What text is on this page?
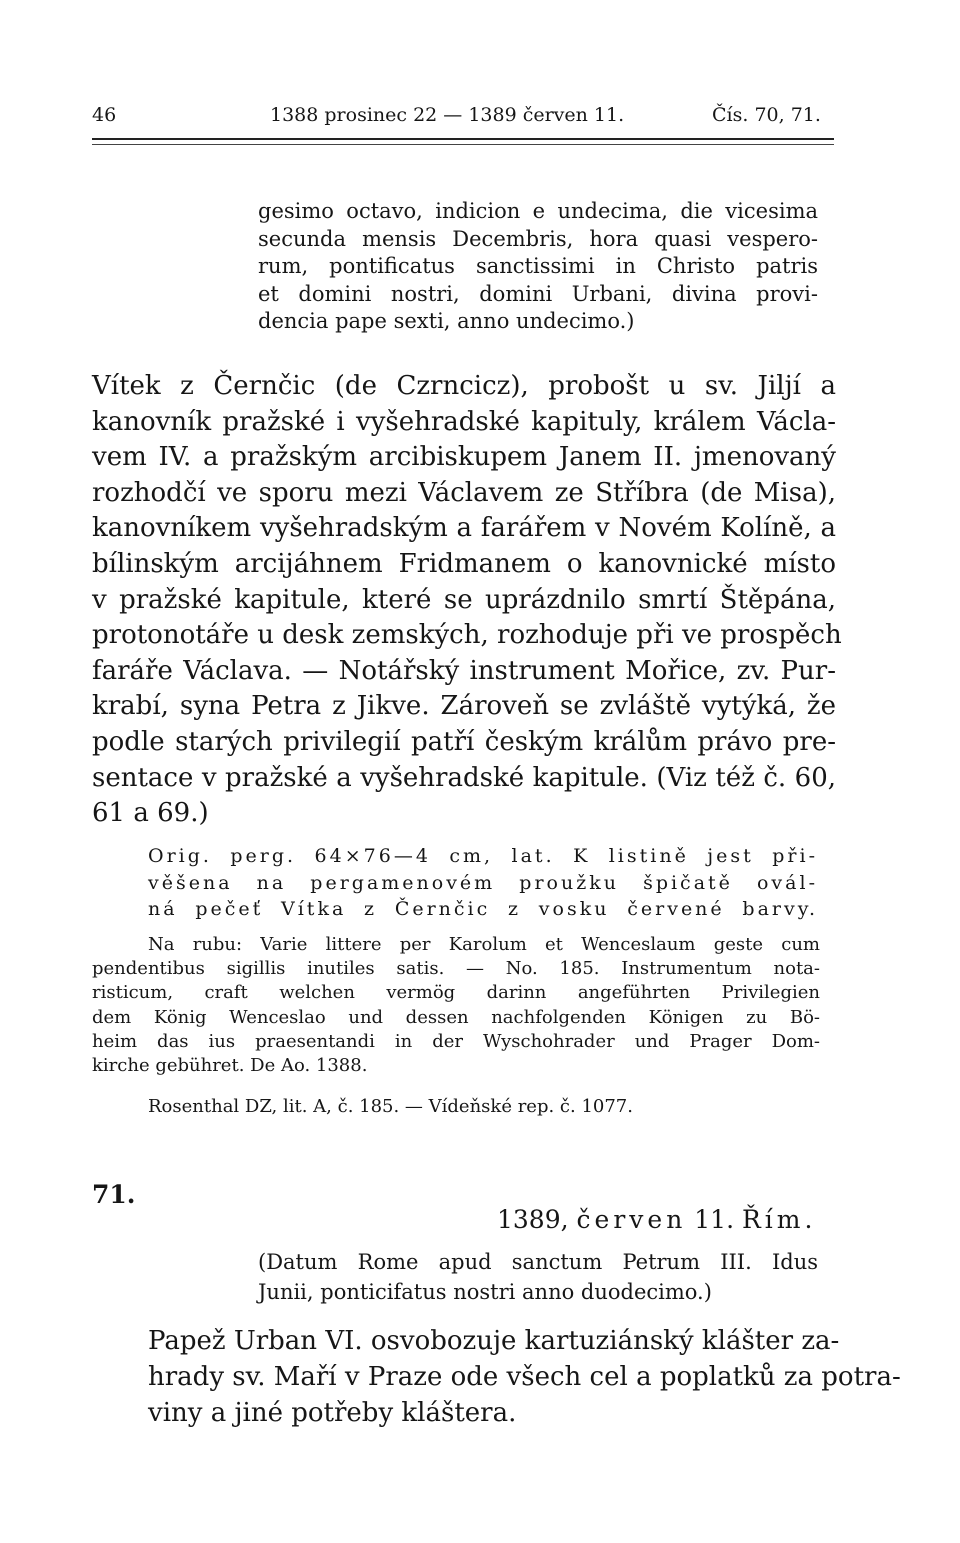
46	1388 prosinec 22 — 1389 červen 11.	Čís. 70, 71.
gesimo octavo, indicion e undecima, die vicesima
secunda mensis Decembris, hora quasi vespero-
rum, pontificatus sanctissimi in Christo patris
et domini nostri, domini Urbani, divina provi-
dencia pape sexti, anno undecimo.)
Vítek z Černčic (de Czrncicz), probošt u sv. Jiljí a
kanovník pražské i vyšehradské kapituly, králem Václa-
vem IV. a pražským arcibiskupem Janem II. jmenovaný
rozhodčí ve sporu mezi Václavem ze Stříbra (de Misa),
kanovníkem vyšehradským a farářem v Novém Kolíně, a
bílinským arcijáhnem Fridmanem o kanovnické místo
v pražské kapitule, které se uprázdnilo smrtí Štěpána,
protonotáře u desk zemských, rozhoduje při ve prospěch
faráře Václava. — Notářský instrument Mořice, zv. Pur-
krabí, syna Petra z Jikve. Zároveň se zvláště vytýká, že
podle starých privilegií patří českým králům právo pre-
sentace v pražské a vyšehradské kapitule. (Viz též č. 60,
61 a 69.)
Orig. perg. 64×76—4 cm, lat. K listině jest při-
věšena na pergamenovém proužku špičatě ovál-
ná pečeť Vítka z Černčic z vosku červené barvy.
Na rubu: Varie littere per Karolum et Wenceslaum geste cum
pendentibus sigillis inutiles satis. — No. 185. Instrumentum nota-
risticum, craft welchen vermög darinn angeführten Privilegien
dem König Wenceslao und dessen nachfolgenden Königen zu Bö-
heim das ius praesentandi in der Wyschohrader und Prager Dom-
kirche gebühret. De Ao. 1388.
Rosenthal DZ, lit. A, č. 185. — Vídeňské rep. č. 1077.
71.
1389, červen 11. Řím.
(Datum Rome apud sanctum Petrum III. Idus
Junii, ponticifatus nostri anno duodecimo.)
Papež Urban VI. osvobozuje kartuziánský klášter za-
hrady sv. Maří v Praze ode všech cel a poplatků za potra-
viny a jiné potřeby kláštera.
